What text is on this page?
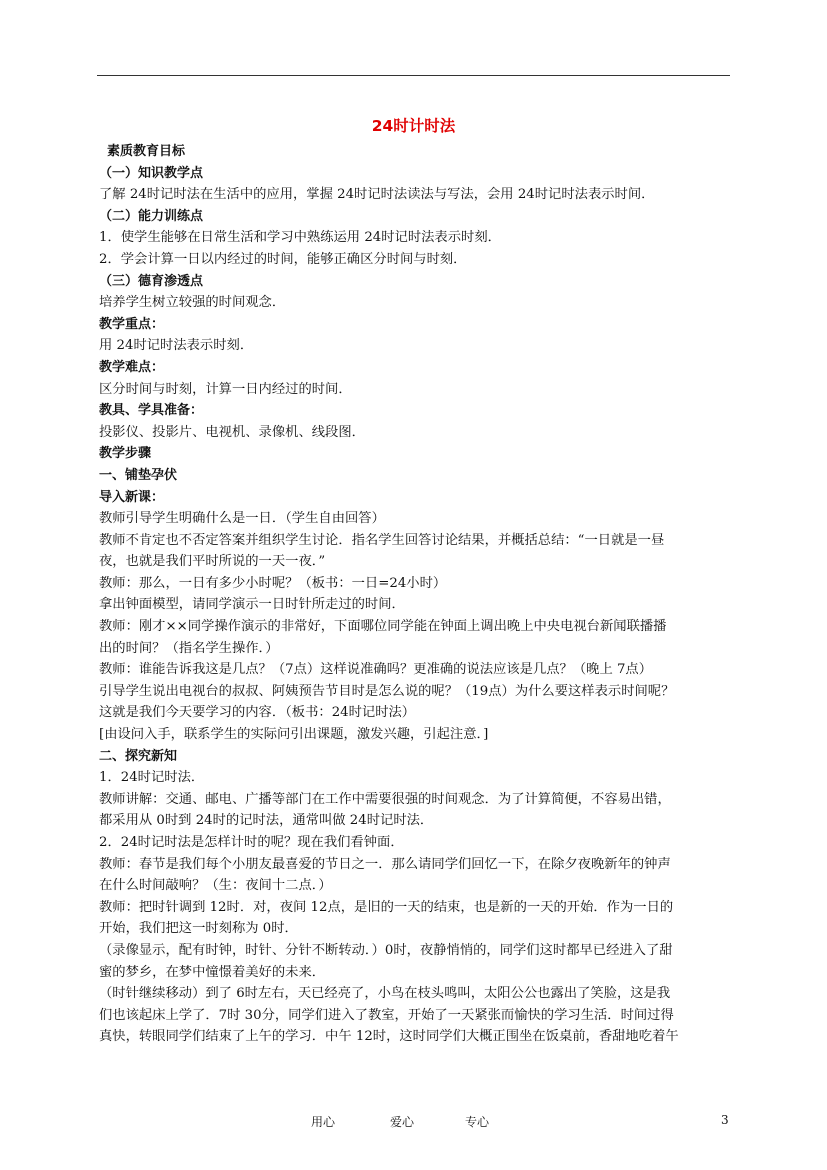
24时计时法
素质教育目标
（一）知识教学点
了解 24时记时法在生活中的应用，掌握 24时记时法读法与写法，会用 24时记时法表示时间．
（二）能力训练点
1．使学生能够在日常生活和学习中熟练运用 24时记时法表示时刻．
2．学会计算一日以内经过的时间，能够正确区分时间与时刻．
（三）德育渗透点
培养学生树立较强的时间观念．
教学重点：
用 24时记时法表示时刻．
教学难点：
区分时间与时刻，计算一日内经过的时间．
教具、学具准备：
投影仪、投影片、电视机、录像机、线段图．
教学步骤
一、铺垫孕伏
导入新课：
教师引导学生明确什么是一日．（学生自由回答）
教师不肯定也不否定答案并组织学生讨论．指名学生回答讨论结果，并概括总结：“一日就是一昼
夜，也就是我们平时所说的一天一夜．”
教师：那么，一日有多少小时呢？（板书：一日=24小时）
拿出钟面模型，请同学演示一日时针所走过的时间．
教师：刚才××同学操作演示的非常好，下面哪位同学能在钟面上调出晚上中央电视台新闻联播播
出的时间？（指名学生操作．）
教师：谁能告诉我这是几点？（7点）这样说准确吗？更准确的说法应该是几点？（晚上 7点）
引导学生说出电视台的叔叔、阿姨预告节目时是怎么说的呢？（19点）为什么要这样表示时间呢？
这就是我们今天要学习的内容．（板书：24时记时法）
[由设问入手，联系学生的实际问引出课题，激发兴趣，引起注意．]
二、探究新知
1．24时记时法．
教师讲解：交通、邮电、广播等部门在工作中需要很强的时间观念．为了计算简便，不容易出错，
都采用从 0时到 24时的记时法，通常叫做 24时记时法．
2．24时记时法是怎样计时的呢？现在我们看钟面．
教师：春节是我们每个小朋友最喜爱的节日之一．那么请同学们回忆一下，在除夕夜晚新年的钟声
在什么时间敲响？（生：夜间十二点．）
教师：把时针调到 12时．对，夜间 12点，是旧的一天的结束，也是新的一天的开始．作为一日的
开始，我们把这一时刻称为 0时．
（录像显示，配有时钟，时针、分针不断转动．）0时，夜静悄悄的，同学们这时都早已经进入了甜
蜜的梦乡，在梦中憧憬着美好的未来．
（时针继续移动）到了 6时左右，天已经亮了，小鸟在枝头鸣叫，太阳公公也露出了笑脸，这是我
们也该起床上学了．7时 30分，同学们进入了教室，开始了一天紧张而愉快的学习生活．时间过得
真快，转眼同学们结束了上午的学习．中午 12时，这时同学们大概正围坐在饭桌前，香甜地吃着午
用心	爱心	专心	3
